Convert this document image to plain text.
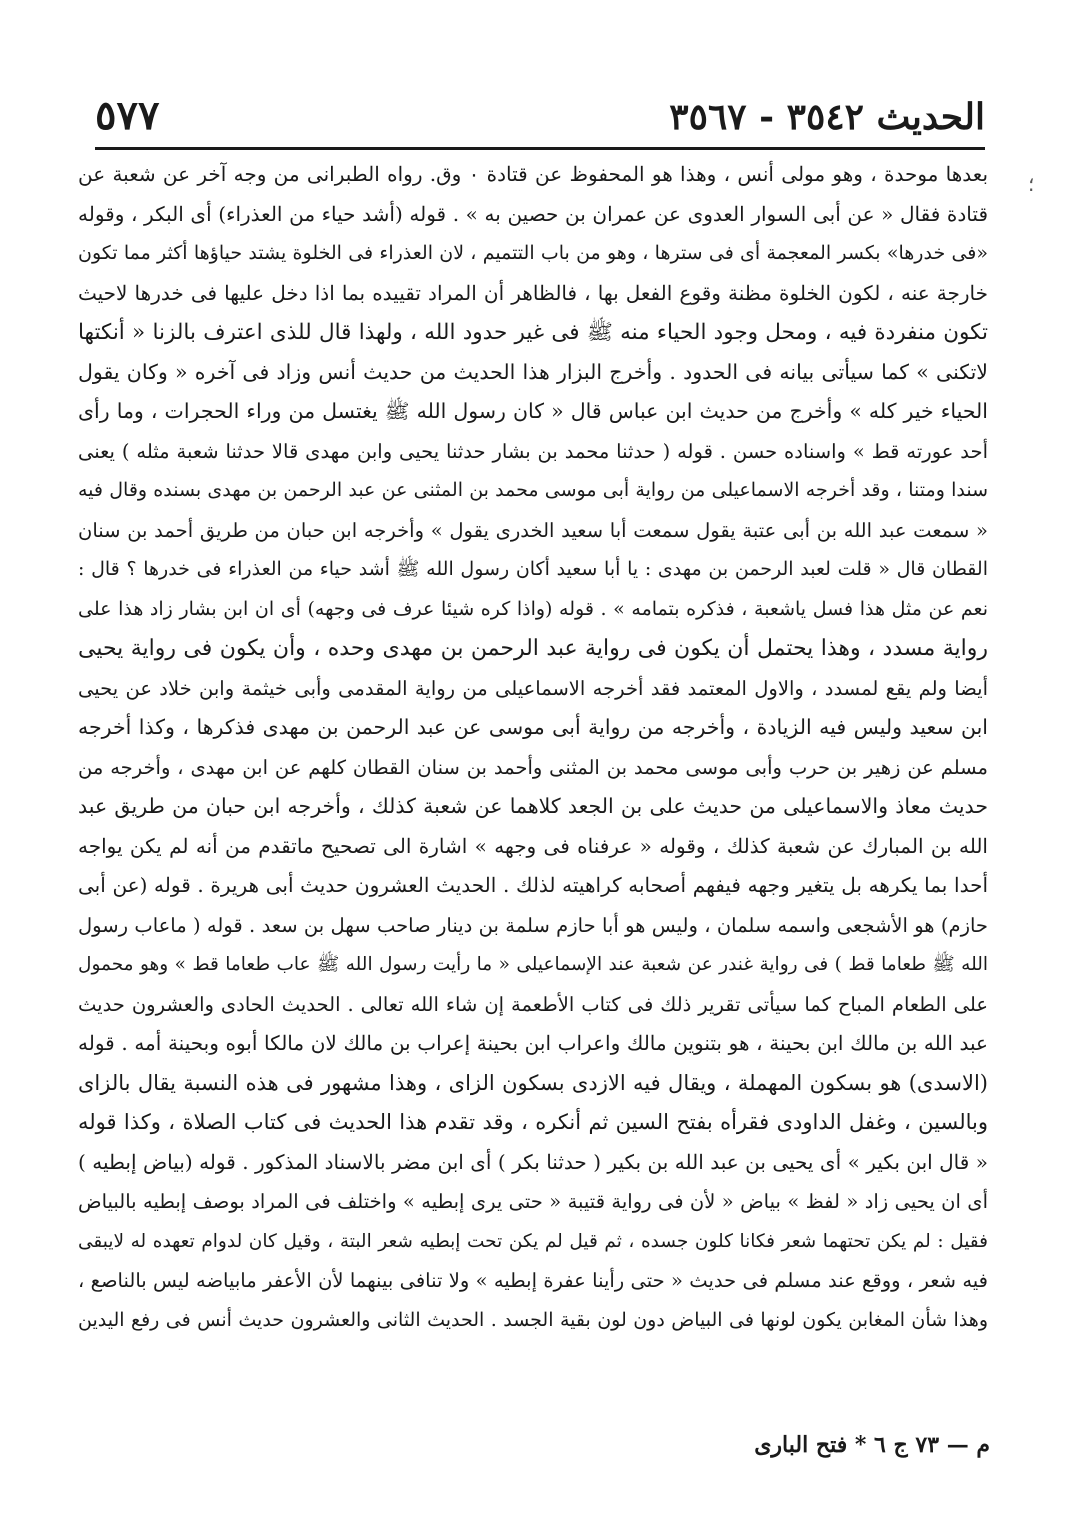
الحديث ٣٥٤٢ - ٣٥٦٧
٥٧٧
؛
بعدها موحدة ، وهو مولى أنس ، وهذا هو المحفوظ عن قتادة ٠ وق. رواه الطبرانى من وجه آخر عن شعبة عن
قتادة فقال « عن أبى السوار العدوى عن عمران بن حصين به » . قوله (أشد حياء من العذراء) أى البكر ، وقوله
«فى خدرها» بكسر المعجمة أى فى سترها ، وهو من باب التتميم ، لان العذراء فى الخلوة يشتد حياؤها أكثر مما تكون
خارجة عنه ، لكون الخلوة مظنة وقوع الفعل بها ، فالظاهر أن المراد تقييده بما اذا دخل عليها فى خدرها لاحيث
تكون منفردة فيه ، ومحل وجود الحياء منه ﷺ فى غير حدود الله ، ولهذا قال للذى اعترف بالزنا « أنكتها
لاتكنى » كما سيأتى بيانه فى الحدود . وأخرج البزار هذا الحديث من حديث أنس وزاد فى آخره « وكان يقول
الحياء خير كله » وأخرج من حديث ابن عباس قال « كان رسول الله ﷺ يغتسل من وراء الحجرات ، وما رأى
أحد عورته قط » واسناده حسن . قوله ( حدثنا محمد بن بشار حدثنا يحيى وابن مهدى قالا حدثنا شعبة مثله ) يعنى
سندا ومتنا ، وقد أخرجه الاسماعيلى من رواية أبى موسى محمد بن المثنى عن عبد الرحمن بن مهدى بسنده وقال فيه
« سمعت عبد الله بن أبى عتبة يقول سمعت أبا سعيد الخدرى يقول » وأخرجه ابن حبان من طريق أحمد بن سنان
القطان قال « قلت لعبد الرحمن بن مهدى : يا أبا سعيد أكان رسول الله ﷺ أشد حياء من العذراء فى خدرها ؟ قال :
نعم عن مثل هذا فسل ياشعبة ، فذكره بتمامه » . قوله (واذا كره شيئا عرف فى وجهه) أى ان ابن بشار زاد هذا على
رواية مسدد ، وهذا يحتمل أن يكون فى رواية عبد الرحمن بن مهدى وحده ، وأن يكون فى رواية يحيى
أيضا ولم يقع لمسدد ، والاول المعتمد فقد أخرجه الاسماعيلى من رواية المقدمى وأبى خيثمة وابن خلاد عن يحيى
ابن سعيد وليس فيه الزيادة ، وأخرجه من رواية أبى موسى عن عبد الرحمن بن مهدى فذكرها ، وكذا أخرجه
مسلم عن زهير بن حرب وأبى موسى محمد بن المثنى وأحمد بن سنان القطان كلهم عن ابن مهدى ، وأخرجه من
حديث معاذ والاسماعيلى من حديث على بن الجعد كلاهما عن شعبة كذلك ، وأخرجه ابن حبان من طريق عبد
الله بن المبارك عن شعبة كذلك ، وقوله « عرفناه فى وجهه » اشارة الى تصحيح ماتقدم من أنه لم يكن يواجه
أحدا بما يكرهه بل يتغير وجهه فيفهم أصحابه كراهيته لذلك . الحديث العشرون حديث أبى هريرة . قوله (عن أبى
حازم) هو الأشجعى واسمه سلمان ، وليس هو أبا حازم سلمة بن دينار صاحب سهل بن سعد . قوله ( ماعاب رسول
الله ﷺ طعاما قط ) فى رواية غندر عن شعبة عند الإسماعيلى « ما رأيت رسول الله ﷺ عاب طعاما قط » وهو محمول
على الطعام المباح كما سيأتى تقرير ذلك فى كتاب الأطعمة إن شاء الله تعالى . الحديث الحادى والعشرون حديث
عبد الله بن مالك ابن بحينة ، هو بتنوين مالك واعراب ابن بحينة إعراب بن مالك لان مالكا أبوه وبحينة أمه . قوله
(الاسدى) هو بسكون المهملة ، ويقال فيه الازدى بسكون الزاى ، وهذا مشهور فى هذه النسبة يقال بالزاى
وبالسين ، وغفل الداودى فقرأه بفتح السين ثم أنكره ، وقد تقدم هذا الحديث فى كتاب الصلاة ، وكذا قوله
« قال ابن بكير » أى يحيى بن عبد الله بن بكير ( حدثنا بكر ) أى ابن مضر بالاسناد المذكور . قوله (بياض إبطيه )
أى ان يحيى زاد « لفظ » بياض « لأن فى رواية قتيبة « حتى يرى إبطيه » واختلف فى المراد بوصف إبطيه بالبياض
فقيل : لم يكن تحتهما شعر فكانا كلون جسده ، ثم قيل لم يكن تحت إبطيه شعر البتة ، وقيل كان لدوام تعهده له لايبقى
فيه شعر ، ووقع عند مسلم فى حديث « حتى رأينا عفرة إبطيه » ولا تنافى بينهما لأن الأعفر مابياضه ليس بالناصع ،
وهذا شأن المغابن يكون لونها فى البياض دون لون بقية الجسد . الحديث الثانى والعشرون حديث أنس فى رفع اليدين
م — ٧٣ ج ٦ * فتح البارى
